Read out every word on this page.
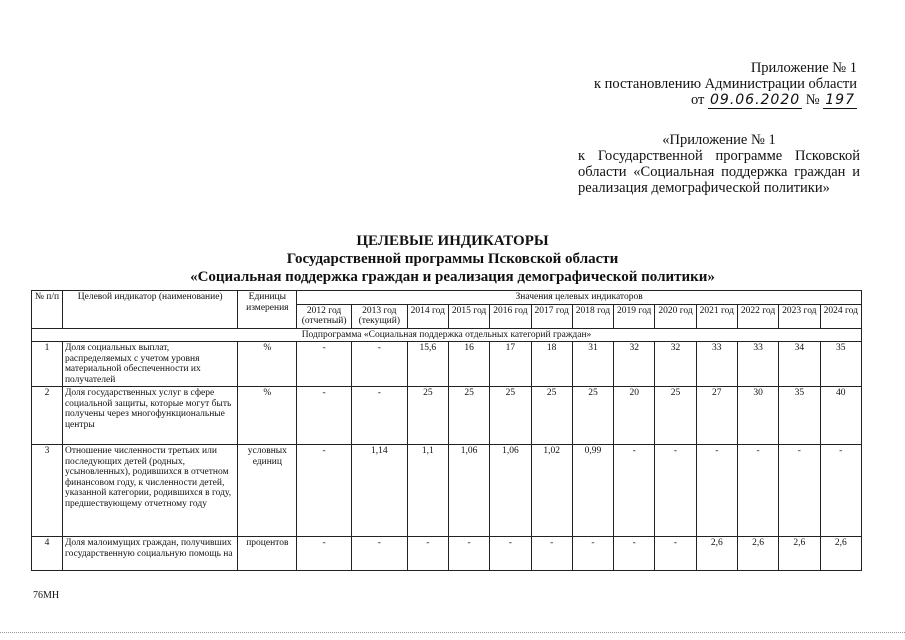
Приложение № 1
к постановлению Администрации области
от 09.06.2020 № 197
«Приложение № 1
к Государственной программе Псковской области «Социальная поддержка граждан и реализация демографической политики»
ЦЕЛЕВЫЕ ИНДИКАТОРЫ
Государственной программы Псковской области
«Социальная поддержка граждан и реализация демографической политики»
№ п/п	Целевой индикатор (наименование)	Единицы измерения	Значения целевых индикаторов												
			2012 год (отчетный)	2013 год (текущий)	2014 год	2015 год	2016 год	2017 год	2018 год	2019 год	2020 год	2021 год	2022 год	2023 год	2024 год
Подпрограмма «Социальная поддержка отдельных категорий граждан»															
1	Доля социальных выплат, распределяемых с учетом уровня материальной обеспеченности их получателей	%	-	-	15,6	16	17	18	31	32	32	33	33	34	35
2	Доля государственных услуг в сфере социальной защиты, которые могут быть получены через многофункциональные центры	%	-	-	25	25	25	25	25	20	25	27	30	35	40
3	Отношение численности третьих или последующих детей (родных, усыновленных), родившихся в отчетном финансовом году, к численности детей, указанной категории, родившихся в году, предшествующему отчетному году	условных единиц	-	1,14	1,1	1,06	1,06	1,02	0,99	-	-	-	-	-	-
4	Доля малоимущих граждан, получивших государственную социальную помощь на	процентов	-	-	-	-	-	-	-	-	-	2,6	2,6	2,6	2,6
76МН
